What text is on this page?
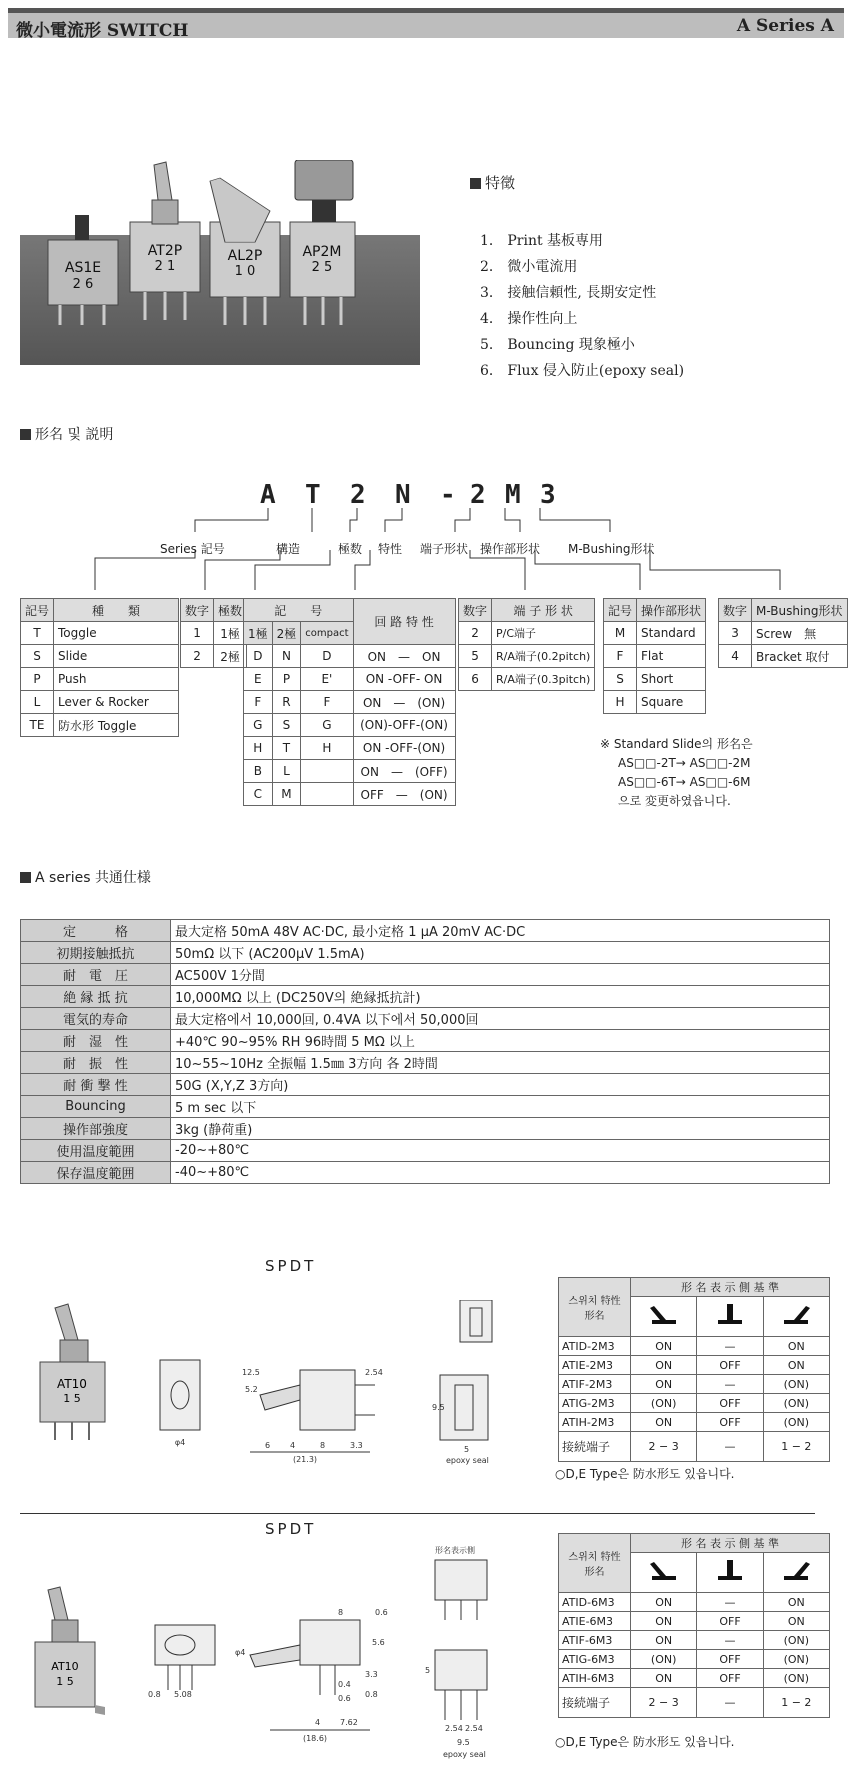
微小電流形 SWITCH	A Series A
AS1E
2 6
AT2P
2 1
AL2P
1 0
AP2M
2 5
特徵
1． Print 基板専用
2． 微小電流用
3． 接触信頼性, 長期安定性
4． 操作性向上
5． Bouncing 現象極小
6． Flux 侵入防止(epoxy seal)
形名 및 説明
A T 2 N - 2 M 3
Series 記号	構造	極数 特性 端子形状 操作部形状 M-Bushing形状
記号	種　　類
T	Toggle
S	Slide
P	Push
L	Lever & Rocker
TE	防水形 Toggle
数字	極数
1	1極
2	2極
記　　号			回 路 特 性
1極	2極	compact	
D	N	D	ON　—　ON
E	P	E'	ON -OFF- ON
F	R	F	ON　—　(ON)
G	S	G	(ON)-OFF-(ON)
H	T	H	ON -OFF-(ON)
B	L		ON　—　(OFF)
C	M		OFF　—　(ON)
数字	端 子 形 状
2	P/C端子
5	R/A端子(0.2pitch)
6	R/A端子(0.3pitch)
記号	操作部形状
M	Standard
F	Flat
S	Short
H	Square
数字	M-Bushing形状
3	Screw　無
4	Bracket 取付
※ Standard Slide의 形名은
AS□□-2T→ AS□□-2M
AS□□-6T→ AS□□-6M
으로 変更하였읍니다.
A series 共通仕様
定　　　格	最大定格 50mA 48V AC·DC, 最小定格 1 μA 20mV AC·DC
初期接触抵抗	50mΩ 以下 (AC200μV 1.5mA)
耐　電　圧	AC500V 1分間
絶 縁 抵 抗	10,000MΩ 以上 (DC250V의 絶縁抵抗計)
電気的寿命	最大定格에서 10,000回, 0.4VA 以下에서 50,000回
耐　湿　性	+40℃ 90~95% RH 96時間 5 MΩ 以上
耐　振　性	10~55~10Hz 全振幅 1.5㎜ 3方向 各 2時間
耐 衝 撃 性	50G (X,Y,Z 3方向)
Bouncing	5 m sec 以下
操作部強度	3kg (静荷重)
使用温度範囲	-20~+80℃
保存温度範囲	-40~+80℃
SPDT
AT10
1 5
φ4
(21.3)
6 4	8	3.3
12.5
5.2
2.54
9.5
5
epoxy seal
스위치 特性
形名	形 名 表 示 側 基 準		

ATID-2M3	ON	—	ON
ATIE-2M3	ON	OFF	ON
ATIF-2M3	ON	—	(ON)
ATIG-2M3	(ON)	OFF	(ON)
ATIH-2M3	ON	OFF	(ON)
接続端子	2 − 3	—	1 − 2
○D,E Type은 防水形도 있읍니다.
SPDT
AT10
1 5
0.8 5.08
(18.6)
4 7.62
8	0.6
5.6
3.3
0.4
0.6 0.8
φ4
形名表示側
5
2.54 2.54
9.5
epoxy seal
스위치 特性
形名	形 名 表 示 側 基 準		

ATID-6M3	ON	—	ON
ATIE-6M3	ON	OFF	ON
ATIF-6M3	ON	—	(ON)
ATIG-6M3	(ON)	OFF	(ON)
ATIH-6M3	ON	OFF	(ON)
接続端子	2 − 3	—	1 − 2
○D,E Type은 防水形도 있읍니다.
